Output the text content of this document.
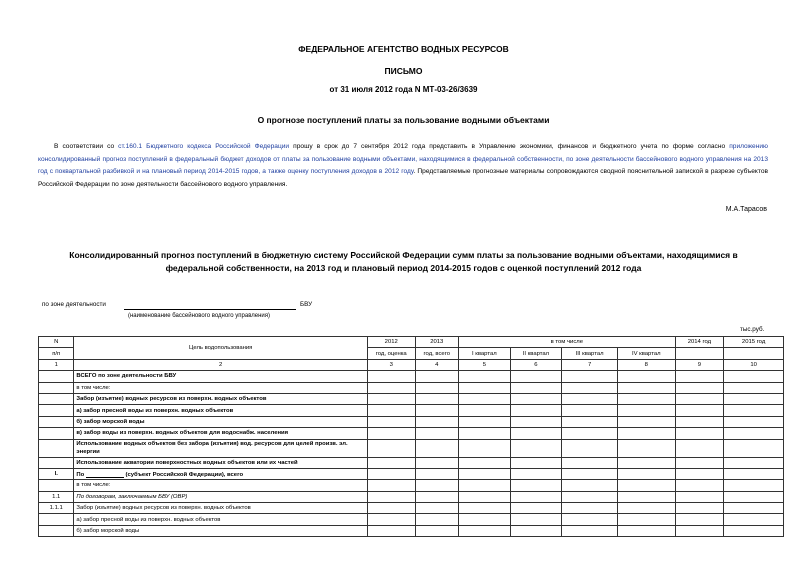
ФЕДЕРАЛЬНОЕ АГЕНТСТВО ВОДНЫХ РЕСУРСОВ
ПИСЬМО
от 31 июля 2012 года N МТ-03-26/3639
О прогнозе поступлений платы за пользование водными объектами
В соответствии со ст.160.1 Бюджетного кодекса Российской Федерации прошу в срок до 7 сентября 2012 года представить в Управление экономики, финансов и бюджетного учета по форме согласно приложению консолидированный прогноз поступлений в федеральный бюджет доходов от платы за пользование водными объектами, находящимися в федеральной собственности, по зоне деятельности бассейнового водного управления на 2013 год с поквартальной разбивкой и на плановый период 2014-2015 годов, а также оценку поступления доходов в 2012 году. Представляемые прогнозные материалы сопровождаются сводной пояснительной запиской в разрезе субъектов Российской Федерации по зоне деятельности бассейнового водного управления.
М.А.Тарасов
Консолидированный прогноз поступлений в бюджетную систему Российской Федерации сумм платы за пользование водными объектами, находящимися в федеральной собственности, на 2013 год и плановый период 2014-2015 годов с оценкой поступлений 2012 года
по зоне деятельности	БВУ
(наименование бассейнового водного управления)
тыс.руб.
N	Цель водопользования	2012	2013	в том числе				2014 год	2015 год
п/п		год, оценка	год, всего	I квартал	II квартал	III квартал	IV квартал		
1	2	3	4	5	6	7	8	9	10
	ВСЕГО по зоне деятельности БВУ								
	в том числе:								
	Забор (изъятие) водных ресурсов из поверхн. водных объектов								
	а) забор пресной воды из поверхн. водных объектов								
	б) забор морской воды								
	в) забор воды из поверхн. водных объектов для водоснабж. населения								
	Использование водных объектов без забора (изъятия) вод. ресурсов для целей произв. эл. энергии								
	Использование акватории поверхностных водных объектов или их частей								
I.	По (субъект Российской Федерации), всего								
	в том числе:								
1.1	По договорам, заключаемым БВУ (ОВР)								
1.1.1	Забор (изъятие) водных ресурсов из поверхн. водных объектов								
	а) забор пресной воды из поверхн. водных объектов								
	б) забор морской воды								
